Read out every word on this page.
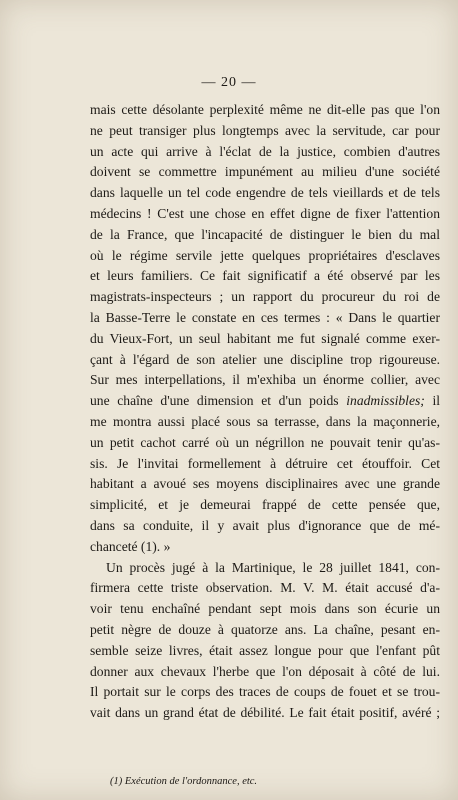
— 20 —
mais cette désolante perplexité même ne dit-elle pas que l'on
ne peut transiger plus longtemps avec la servitude, car pour
un acte qui arrive à l'éclat de la justice, combien d'autres
doivent se commettre impunément au milieu d'une société
dans laquelle un tel code engendre de tels vieillards et de tels
médecins ! C'est une chose en effet digne de fixer l'attention
de la France, que l'incapacité de distinguer le bien du mal
où le régime servile jette quelques propriétaires d'esclaves
et leurs familiers. Ce fait significatif a été observé par les
magistrats-inspecteurs ; un rapport du procureur du roi de
la Basse-Terre le constate en ces termes : « Dans le quartier
du Vieux-Fort, un seul habitant me fut signalé comme exer-
çant à l'égard de son atelier une discipline trop rigoureuse.
Sur mes interpellations, il m'exhiba un énorme collier, avec
une chaîne d'une dimension et d'un poids inadmissibles; il
me montra aussi placé sous sa terrasse, dans la maçonnerie,
un petit cachot carré où un négrillon ne pouvait tenir qu'as-
sis. Je l'invitai formellement à détruire cet étouffoir. Cet
habitant a avoué ses moyens disciplinaires avec une grande
simplicité, et je demeurai frappé de cette pensée que,
dans sa conduite, il y avait plus d'ignorance que de mé-
chanceté (1). »
Un procès jugé à la Martinique, le 28 juillet 1841, con-
firmera cette triste observation. M. V. M. était accusé d'a-
voir tenu enchaîné pendant sept mois dans son écurie un
petit nègre de douze à quatorze ans. La chaîne, pesant en-
semble seize livres, était assez longue pour que l'enfant pût
donner aux chevaux l'herbe que l'on déposait à côté de lui.
Il portait sur le corps des traces de coups de fouet et se trou-
vait dans un grand état de débilité. Le fait était positif, avéré ;
(1) Exécution de l'ordonnance, etc.
